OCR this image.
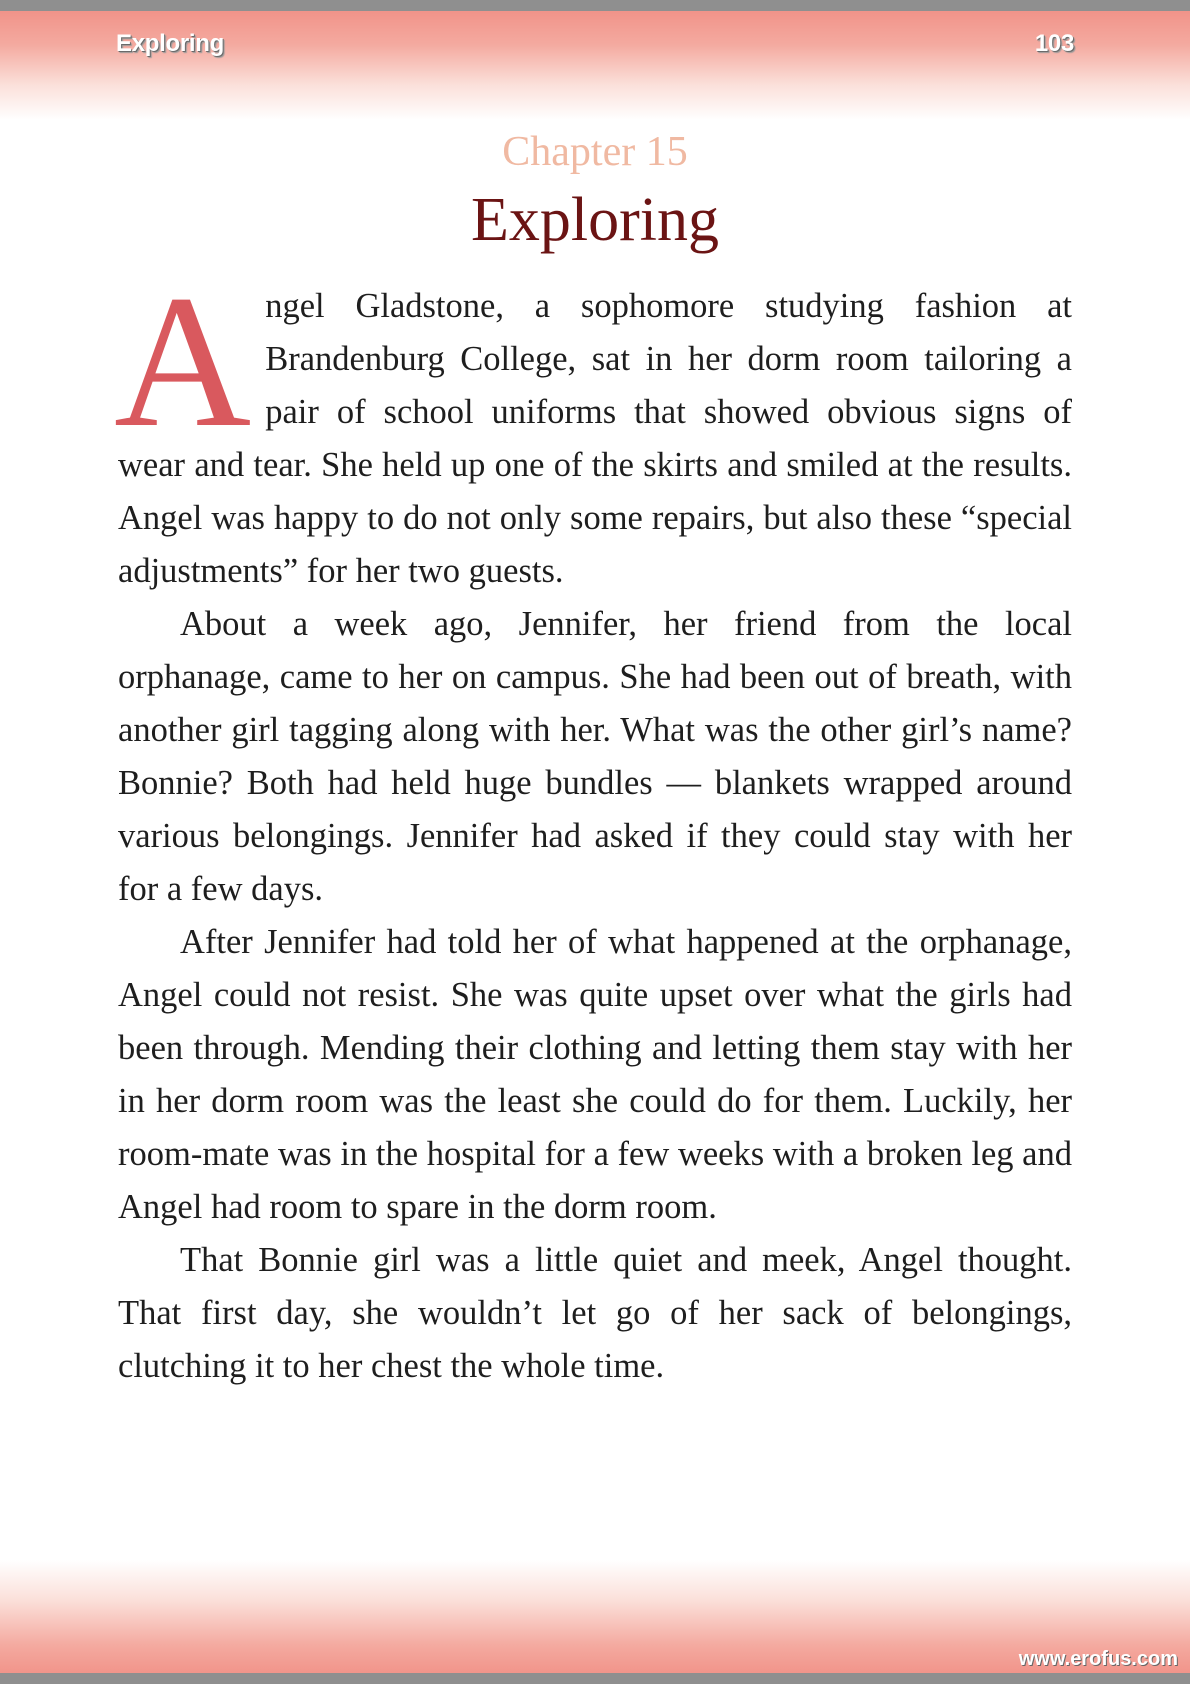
Exploring	103
Chapter 15
Exploring

Angel Gladstone, a sophomore studying fashion at Brandenburg College, sat in her dorm room tailoring a pair of school uniforms that showed obvious signs of wear and tear. She held up one of the skirts and smiled at the results. Angel was happy to do not only some repairs, but also these “special adjustments” for her two guests.

About a week ago, Jennifer, her friend from the local orphanage, came to her on campus. She had been out of breath, with another girl tagging along with her. What was the other girl’s name? Bonnie? Both had held huge bundles — blankets wrapped around various belongings. Jennifer had asked if they could stay with her for a few days.

After Jennifer had told her of what happened at the orphanage, Angel could not resist. She was quite upset over what the girls had been through. Mending their clothing and letting them stay with her in her dorm room was the least she could do for them. Luckily, her room-mate was in the hospital for a few weeks with a broken leg and Angel had room to spare in the dorm room.

That Bonnie girl was a little quiet and meek, Angel thought. That first day, she wouldn’t let go of her sack of belongings, clutching it to her chest the whole time.

www.erofus.com
